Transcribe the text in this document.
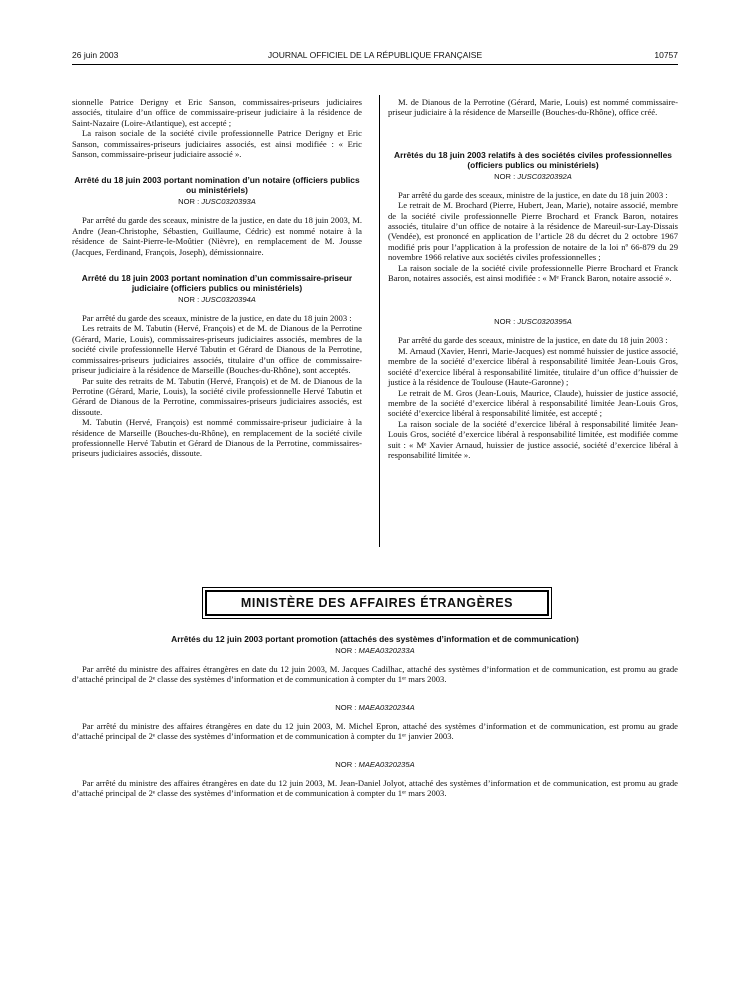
26 juin 2003	JOURNAL OFFICIEL DE LA RÉPUBLIQUE FRANÇAISE	10757

sionnelle Patrice Derigny et Eric Sanson, commissaires-priseurs judiciaires associés, titulaire d’un office de commissaire-priseur judiciaire à la résidence de Saint-Nazaire (Loire-Atlantique), est accepté ;

La raison sociale de la société civile professionnelle Patrice Derigny et Eric Sanson, commissaires-priseurs judiciaires associés, est ainsi modifiée : « Eric Sanson, commissaire-priseur judiciaire associé ».

Arrêté du 18 juin 2003 portant nomination d’un notaire (officiers publics ou ministériels)
NOR : JUSC0320393A

Par arrêté du garde des sceaux, ministre de la justice, en date du 18 juin 2003, M. Andre (Jean-Christophe, Sébastien, Guillaume, Cédric) est nommé notaire à la résidence de Saint-Pierre-le-Moûtier (Nièvre), en remplacement de M. Jousse (Jacques, Ferdinand, François, Joseph), démissionnaire.

Arrêté du 18 juin 2003 portant nomination d’un commissaire-priseur judiciaire (officiers publics ou ministériels)
NOR : JUSC0320394A

Par arrêté du garde des sceaux, ministre de la justice, en date du 18 juin 2003 :

Les retraits de M. Tabutin (Hervé, François) et de M. de Dianous de la Perrotine (Gérard, Marie, Louis), commissaires-priseurs judiciaires associés, membres de la société civile professionnelle Hervé Tabutin et Gérard de Dianous de la Perrotine, commissaires-priseurs judiciaires associés, titulaire d’un office de commissaire-priseur judiciaire à la résidence de Marseille (Bouches-du-Rhône), sont acceptés.

Par suite des retraits de M. Tabutin (Hervé, François) et de M. de Dianous de la Perrotine (Gérard, Marie, Louis), la société civile professionnelle Hervé Tabutin et Gérard de Dianous de la Perrotine, commissaires-priseurs judiciaires associés, est dissoute.

M. Tabutin (Hervé, François) est nommé commissaire-priseur judiciaire à la résidence de Marseille (Bouches-du-Rhône), en remplacement de la société civile professionnelle Hervé Tabutin et Gérard de Dianous de la Perrotine, commissaires-priseurs judiciaires associés, dissoute.

M. de Dianous de la Perrotine (Gérard, Marie, Louis) est nommé commissaire-priseur judiciaire à la résidence de Marseille (Bouches-du-Rhône), office créé.

Arrêtés du 18 juin 2003 relatifs à des sociétés civiles professionnelles (officiers publics ou ministériels)
NOR : JUSC0320392A

Par arrêté du garde des sceaux, ministre de la justice, en date du 18 juin 2003 :

Le retrait de M. Brochard (Pierre, Hubert, Jean, Marie), notaire associé, membre de la société civile professionnelle Pierre Brochard et Franck Baron, notaires associés, titulaire d’un office de notaire à la résidence de Mareuil-sur-Lay-Dissais (Vendée), est prononcé en application de l’article 28 du décret du 2 octobre 1967 modifié pris pour l’application à la profession de notaire de la loi nº 66-879 du 29 novembre 1966 relative aux sociétés civiles professionnelles ;

La raison sociale de la société civile professionnelle Pierre Brochard et Franck Baron, notaires associés, est ainsi modifiée : « Mᵉ Franck Baron, notaire associé ».

NOR : JUSC0320395A

Par arrêté du garde des sceaux, ministre de la justice, en date du 18 juin 2003 :

M. Arnaud (Xavier, Henri, Marie-Jacques) est nommé huissier de justice associé, membre de la société d’exercice libéral à responsabilité limitée Jean-Louis Gros, société d’exercice libéral à responsabilité limitée, titulaire d’un office d’huissier de justice à la résidence de Toulouse (Haute-Garonne) ;

Le retrait de M. Gros (Jean-Louis, Maurice, Claude), huissier de justice associé, membre de la société d’exercice libéral à responsabilité limitée Jean-Louis Gros, société d’exercice libéral à responsabilité limitée, est accepté ;

La raison sociale de la société d’exercice libéral à responsabilité limitée Jean-Louis Gros, société d’exercice libéral à responsabilité limitée, est modifiée comme suit : « Mᵉ Xavier Arnaud, huissier de justice associé, société d’exercice libéral à responsabilité limitée ».

MINISTÈRE DES AFFAIRES ÉTRANGÈRES
Arrêtés du 12 juin 2003 portant promotion (attachés des systèmes d’information et de communication)
NOR : MAEA0320233A

Par arrêté du ministre des affaires étrangères en date du 12 juin 2003, M. Jacques Cadilhac, attaché des systèmes d’information et de communication, est promu au grade d’attaché principal de 2ᵉ classe des systèmes d’information et de communication à compter du 1ᵉʳ mars 2003.

NOR : MAEA0320234A

Par arrêté du ministre des affaires étrangères en date du 12 juin 2003, M. Michel Epron, attaché des systèmes d’information et de communication, est promu au grade d’attaché principal de 2ᵉ classe des systèmes d’information et de communication à compter du 1ᵉʳ janvier 2003.

NOR : MAEA0320235A

Par arrêté du ministre des affaires étrangères en date du 12 juin 2003, M. Jean-Daniel Jolyot, attaché des systèmes d’information et de communication, est promu au grade d’attaché principal de 2ᵉ classe des systèmes d’information et de communication à compter du 1ᵉʳ mars 2003.
